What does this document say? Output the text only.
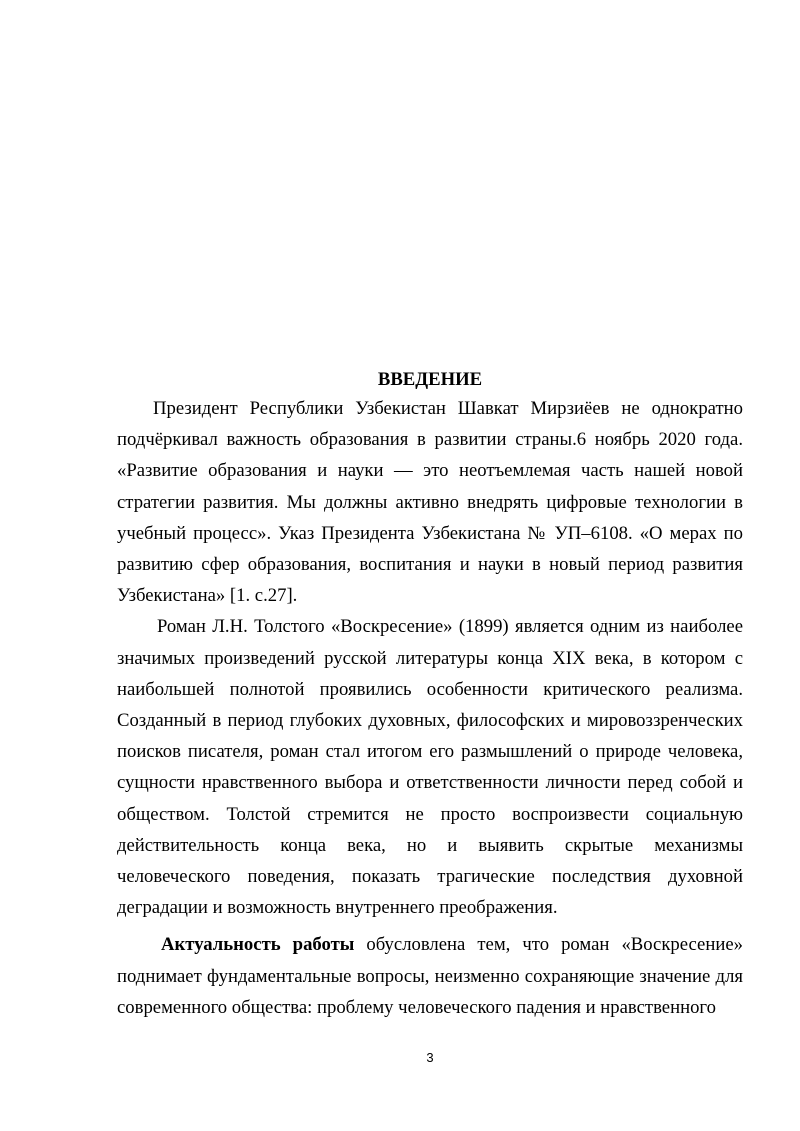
ВВЕДЕНИЕ

Президент Республики Узбекистан Шавкат Мирзиёев не однократно подчёркивал важность образования в развитии страны.6 ноябрь 2020 года. «Развитие образования и науки — это неотъемлемая часть нашей новой стратегии развития. Мы должны активно внедрять цифровые технологии в учебный процесс». Указ Президента Узбекистана № УП–6108. «О мерах по развитию сфер образования, воспитания и науки в новый период развития Узбекистана» [1. с.27].

Роман Л.Н. Толстого «Воскресение» (1899) является одним из наиболее значимых произведений русской литературы конца XIX века, в котором с наибольшей полнотой проявились особенности критического реализма. Созданный в период глубоких духовных, философских и мировоззренческих поисков писателя, роман стал итогом его размышлений о природе человека, сущности нравственного выбора и ответственности личности перед собой и обществом. Толстой стремится не просто воспроизвести социальную действительность конца века, но и выявить скрытые механизмы человеческого поведения, показать трагические последствия духовной деградации и возможность внутреннего преображения.

Актуальность работы обусловлена тем, что роман «Воскресение» поднимает фундаментальные вопросы, неизменно сохраняющие значение для современного общества: проблему человеческого падения и нравственного

3
